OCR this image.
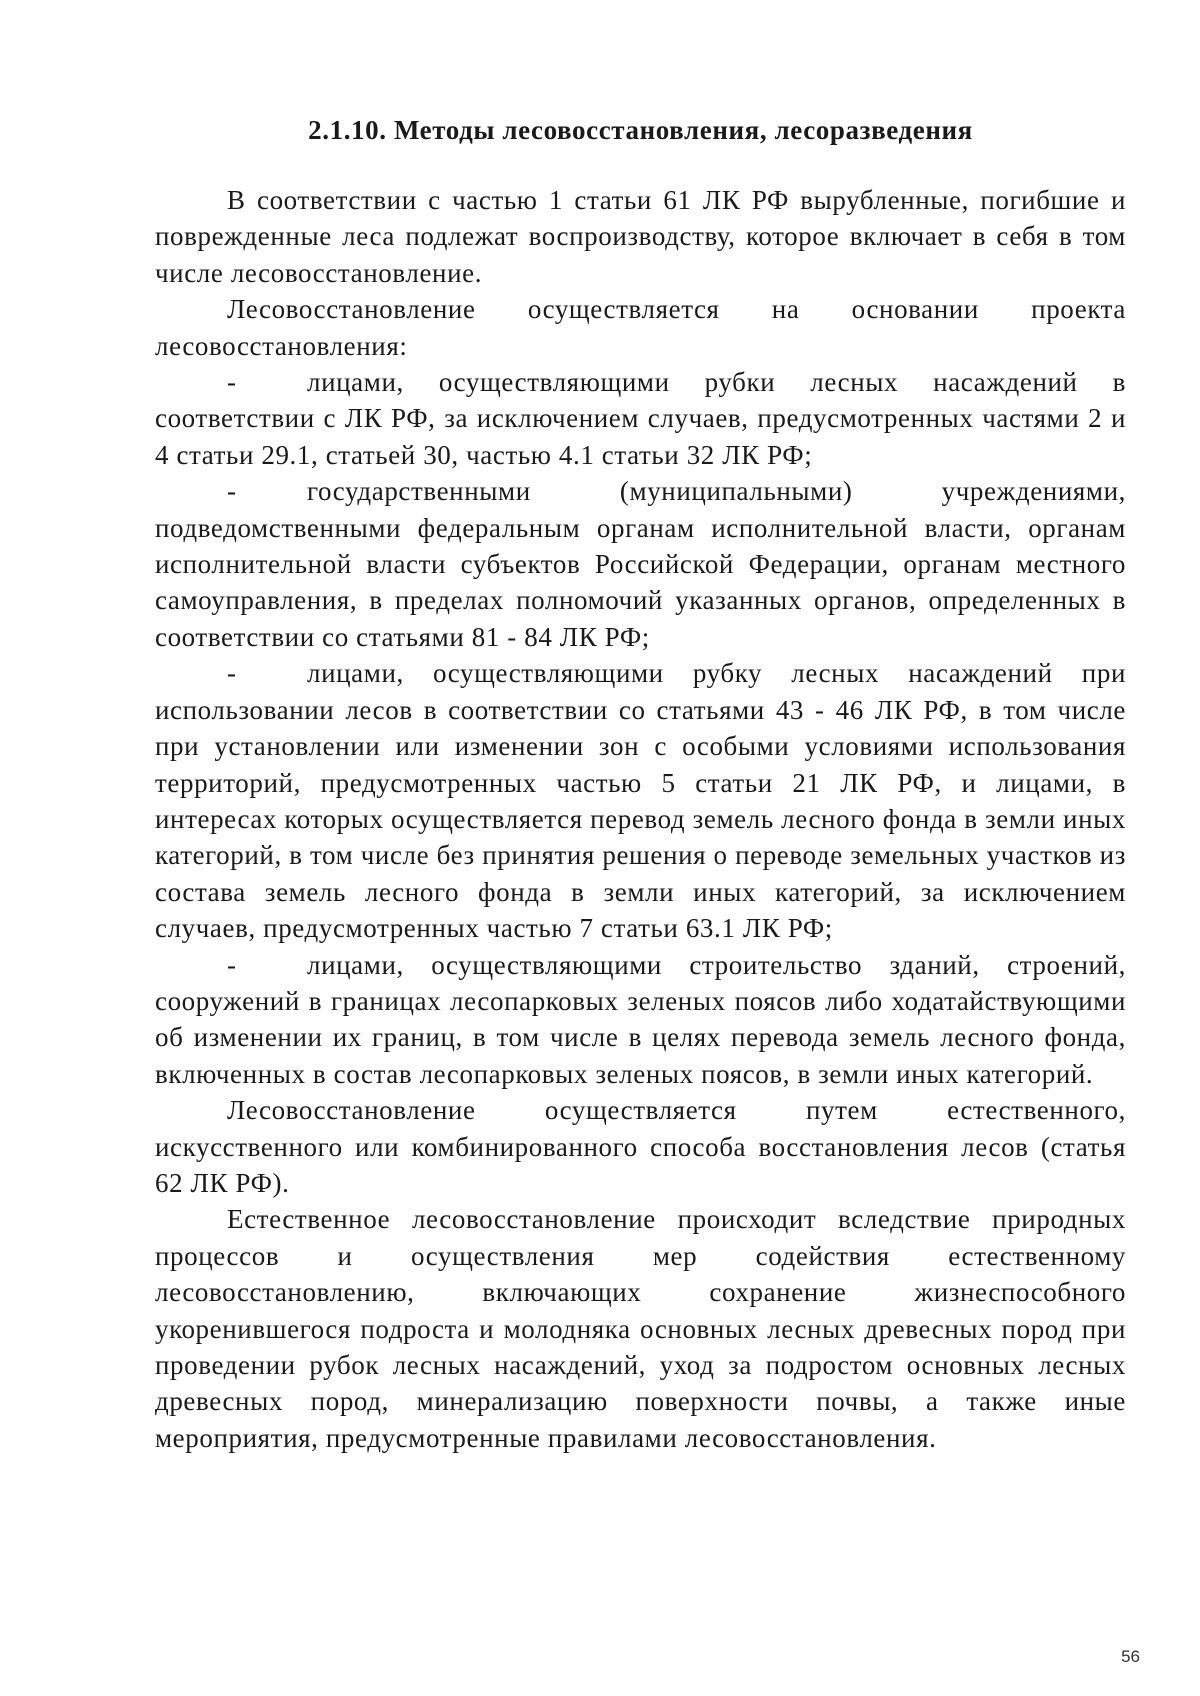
2.1.10. Методы лесовосстановления, лесоразведения

В соответствии с частью 1 статьи 61 ЛК РФ вырубленные, погибшие и поврежденные леса подлежат воспроизводству, которое включает в себя в том числе лесовосстановление.

Лесовосстановление осуществляется на основании проекта лесовосстановления:

-	лицами, осуществляющими рубки лесных насаждений в соответствии с ЛК РФ, за исключением случаев, предусмотренных частями 2 и 4 статьи 29.1, статьей 30, частью 4.1 статьи 32 ЛК РФ;

-	государственными (муниципальными) учреждениями, подведомственными федеральным органам исполнительной власти, органам исполнительной власти субъектов Российской Федерации, органам местного самоуправления, в пределах полномочий указанных органов, определенных в соответствии со статьями 81 - 84 ЛК РФ;

-	лицами, осуществляющими рубку лесных насаждений при использовании лесов в соответствии со статьями 43 - 46 ЛК РФ, в том числе при установлении или изменении зон с особыми условиями использования территорий, предусмотренных частью 5 статьи 21 ЛК РФ, и лицами, в интересах которых осуществляется перевод земель лесного фонда в земли иных категорий, в том числе без принятия решения о переводе земельных участков из состава земель лесного фонда в земли иных категорий, за исключением случаев, предусмотренных частью 7 статьи 63.1 ЛК РФ;

-	лицами, осуществляющими строительство зданий, строений, сооружений в границах лесопарковых зеленых поясов либо ходатайствующими об изменении их границ, в том числе в целях перевода земель лесного фонда, включенных в состав лесопарковых зеленых поясов, в земли иных категорий.

Лесовосстановление осуществляется путем естественного, искусственного или комбинированного способа восстановления лесов (статья 62 ЛК РФ).

Естественное лесовосстановление происходит вследствие природных процессов и осуществления мер содействия естественному лесовосстановлению, включающих сохранение жизнеспособного укоренившегося подроста и молодняка основных лесных древесных пород при проведении рубок лесных насаждений, уход за подростом основных лесных древесных пород, минерализацию поверхности почвы, а также иные мероприятия, предусмотренные правилами лесовосстановления.

56
